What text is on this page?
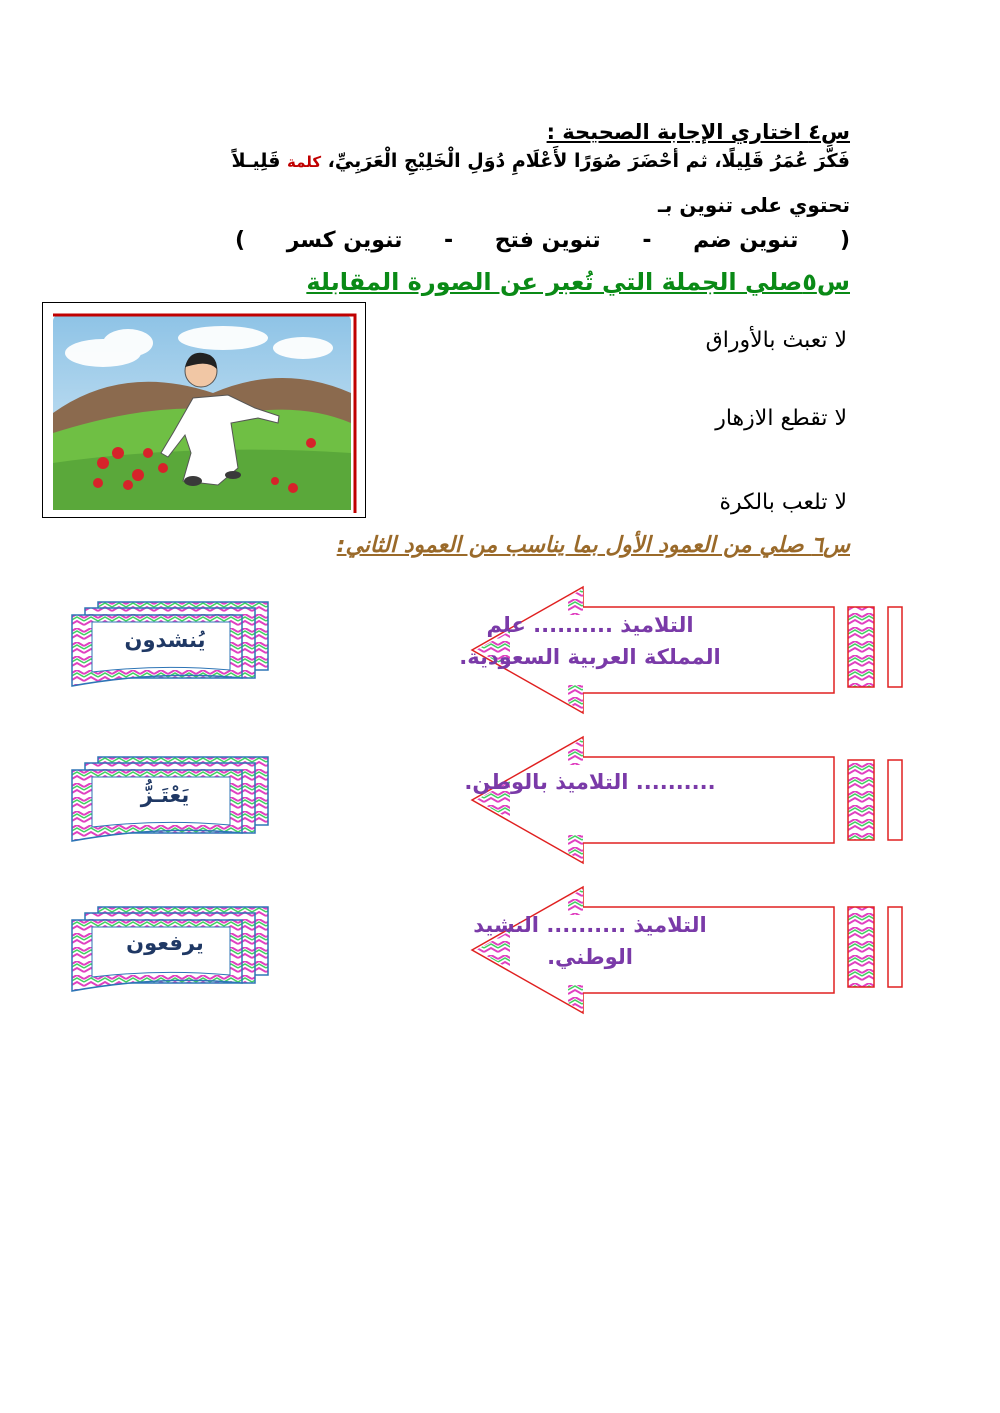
س٤ اختاري الإجابة الصحيحة :
فَكَّرَ عُمَرُ قَلِيلًا، ثم أحْضَرَ صُوَرًا لأَعْلَامِ دُوَلِ الْخَلِيْجِ الْعَرَبِيِّ، كلمة قَلِيـلاً
تحتوي على تنوين بـ
(
تنوين ضم
-
تنوين فتح
-
تنوين كسر
)
س٥صلي الجملة التي تُعبر عن الصورة المقابلة
لا تعبث بالأوراق
لا تقطع الازهار
لا تلعب بالكرة
س٦ صلي من العمود الأول بما يناسب من العمود الثاني:
التلاميذ .......... علم
المملكة العربية السعودية.
.......... التلاميذ بالوطن.
التلاميذ .......... النشيد
الوطني.
يُنشدون
يَعْتَـزُّ
يرفعون
